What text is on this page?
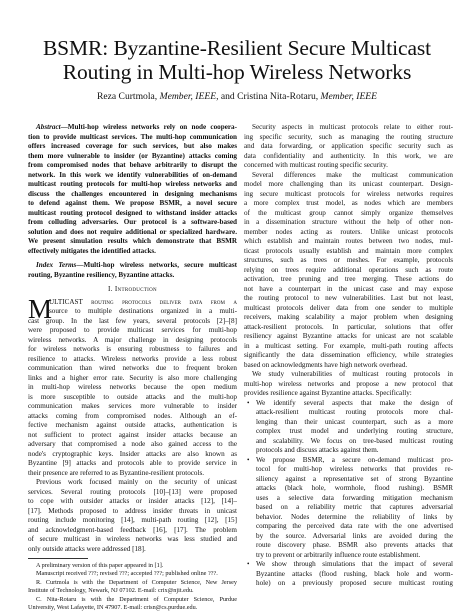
BSMR: Byzantine-Resilient Secure Multicast
Routing in Multi-hop Wireless Networks
Reza Curtmola, Member, IEEE, and Cristina Nita-Rotaru, Member, IEEE
Abstract—Multi-hop wireless networks rely on node coopera-
tion to provide multicast services. The multi-hop communication
offers increased coverage for such services, but also makes
them more vulnerable to insider (or Byzantine) attacks coming
from compromised nodes that behave arbitrarily to disrupt the
network. In this work we identify vulnerabilities of on-demand
multicast routing protocols for multi-hop wireless networks and
discuss the challenges encountered in designing mechanisms
to defend against them. We propose BSMR, a novel secure
multicast routing protocol designed to withstand insider attacks
from colluding adversaries. Our protocol is a software-based
solution and does not require additional or specialized hardware.
We present simulation results which demonstrate that BSMR
effectively mitigates the identified attacks.
Index Terms—Multi-hop wireless networks, secure multicast
routing, Byzantine resiliency, Byzantine attacks.
I. Introduction
M
ULTICAST routing protocols deliver data from a
source to multiple destinations organized in a multi-
cast group. In the last few years, several protocols [2]–[8]
were proposed to provide multicast services for multi-hop
wireless networks. A major challenge in designing protocols
for wireless networks is ensuring robustness to failures and
resilience to attacks. Wireless networks provide a less robust
communication than wired networks due to frequent broken
links and a higher error rate. Security is also more challenging
in multi-hop wireless networks because the open medium
is more susceptible to outside attacks and the multi-hop
communication makes services more vulnerable to insider
attacks coming from compromised nodes. Although an ef-
fective mechanism against outside attacks, authentication is
not sufficient to protect against insider attacks because an
adversary that compromised a node also gained access to the
node's cryptographic keys. Insider attacks are also known as
Byzantine [9] attacks and protocols able to provide service in
their presence are referred to as Byzantine-resilient protocols.
Previous work focused mainly on the security of unicast
services. Several routing protocols [10]–[13] were proposed
to cope with outsider attacks or insider attacks [12], [14]–
[17]. Methods proposed to address insider threats in unicast
routing include monitoring [14], multi-path routing [12], [15]
and acknowledgment-based feedback [16], [17]. The problem
of secure multicast in wireless networks was less studied and
only outside attacks were addressed [18].
A preliminary version of this paper appeared in [1].
Manuscript received ???; revised ???; accepted ???; published online ???.
R. Curtmola is with the Department of Computer Science, New Jersey
Institute of Technology, Newark, NJ 07102. E-mail: crix@njit.edu.
C. Nita-Rotaru is with the Department of Computer Science, Purdue
University, West Lafayette, IN 47907. E-mail: crisn@cs.purdue.edu.
Security aspects in multicast protocols relate to either rout-
ing specific security, such as managing the routing structure
and data forwarding, or application specific security such as
data confidentiality and authenticity. In this work, we are
concerned with multicast routing specific security.
Several differences make the multicast communication
model more challenging than its unicast counterpart. Design-
ing secure multicast protocols for wireless networks requires
a more complex trust model, as nodes which are members
of the multicast group cannot simply organize themselves
in a dissemination structure without the help of other non-
member nodes acting as routers. Unlike unicast protocols
which establish and maintain routes between two nodes, mul-
ticast protocols usually establish and maintain more complex
structures, such as trees or meshes. For example, protocols
relying on trees require additional operations such as route
activation, tree pruning and tree merging. These actions do
not have a counterpart in the unicast case and may expose
the routing protocol to new vulnerabilities. Last but not least,
multicast protocols deliver data from one sender to multiple
receivers, making scalability a major problem when designing
attack-resilient protocols. In particular, solutions that offer
resiliency against Byzantine attacks for unicast are not scalable
in a multicast setting. For example, multi-path routing affects
significantly the data dissemination efficiency, while strategies
based on acknowledgments have high network overhead.
We study vulnerabilities of multicast routing protocols in
multi-hop wireless networks and propose a new protocol that
provides resilience against Byzantine attacks. Specifically:
• We identify several aspects that make the design of
attack-resilient multicast routing protocols more chal-
lenging than their unicast counterpart, such as a more
complex trust model and underlying routing structure,
and scalability. We focus on tree-based multicast routing
protocols and discuss attacks against them.
• We propose BSMR, a secure on-demand multicast pro-
tocol for multi-hop wireless networks that provides re-
siliency against a representative set of strong Byzantine
attacks (black hole, wormhole, flood rushing). BSMR
uses a selective data forwarding mitigation mechanism
based on a reliability metric that captures adversarial
behavior. Nodes determine the reliability of links by
comparing the perceived data rate with the one advertised
by the source. Adversarial links are avoided during the
route discovery phase. BSMR also prevents attacks that
try to prevent or arbitrarily influence route establishment.
• We show through simulations that the impact of several
Byzantine attacks (flood rushing, black hole and worm-
hole) on a previously proposed secure multicast routing
